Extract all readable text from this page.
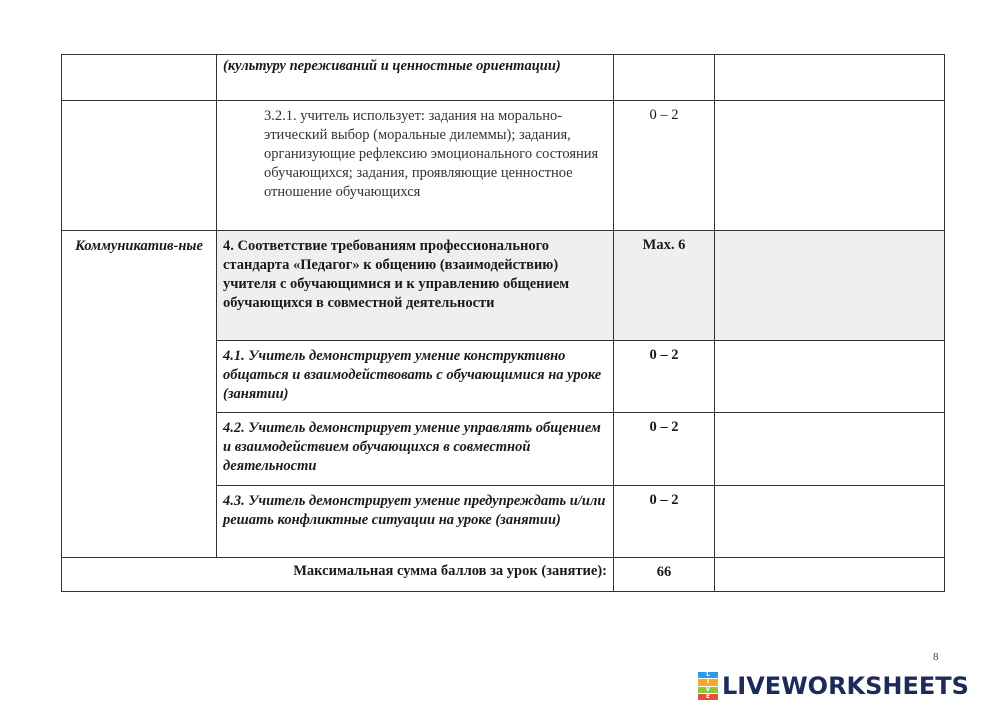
	(культуру переживаний и ценностные ориентации)		

	3.2.1. учитель использует: задания на морально-этический выбор (моральные дилеммы); задания, организующие рефлексию эмоционального состояния обучающихся; задания, проявляющие ценностное отношение обучающихся	0 – 2	

Коммуникатив-ные	4. Соответствие требованиям профессионального стандарта «Педагог» к общению (взаимодействию) учителя с обучающимися и к управлению общением обучающихся в совместной деятельности	Max. 6	

	4.1. Учитель демонстрирует умение конструктивно общаться и взаимодействовать с обучающимися на уроке (занятии)	0 – 2	

	4.2. Учитель демонстрирует умение управлять общением и взаимодействием обучающихся в совместной деятельности	0 – 2	

	4.3. Учитель демонстрирует умение предупреждать и/или решать конфликтные ситуации на уроке (занятии)	0 – 2	

Максимальная сумма баллов за урок (занятие):		66	

8
L
I
V
E LIVEWORKSHEETS
